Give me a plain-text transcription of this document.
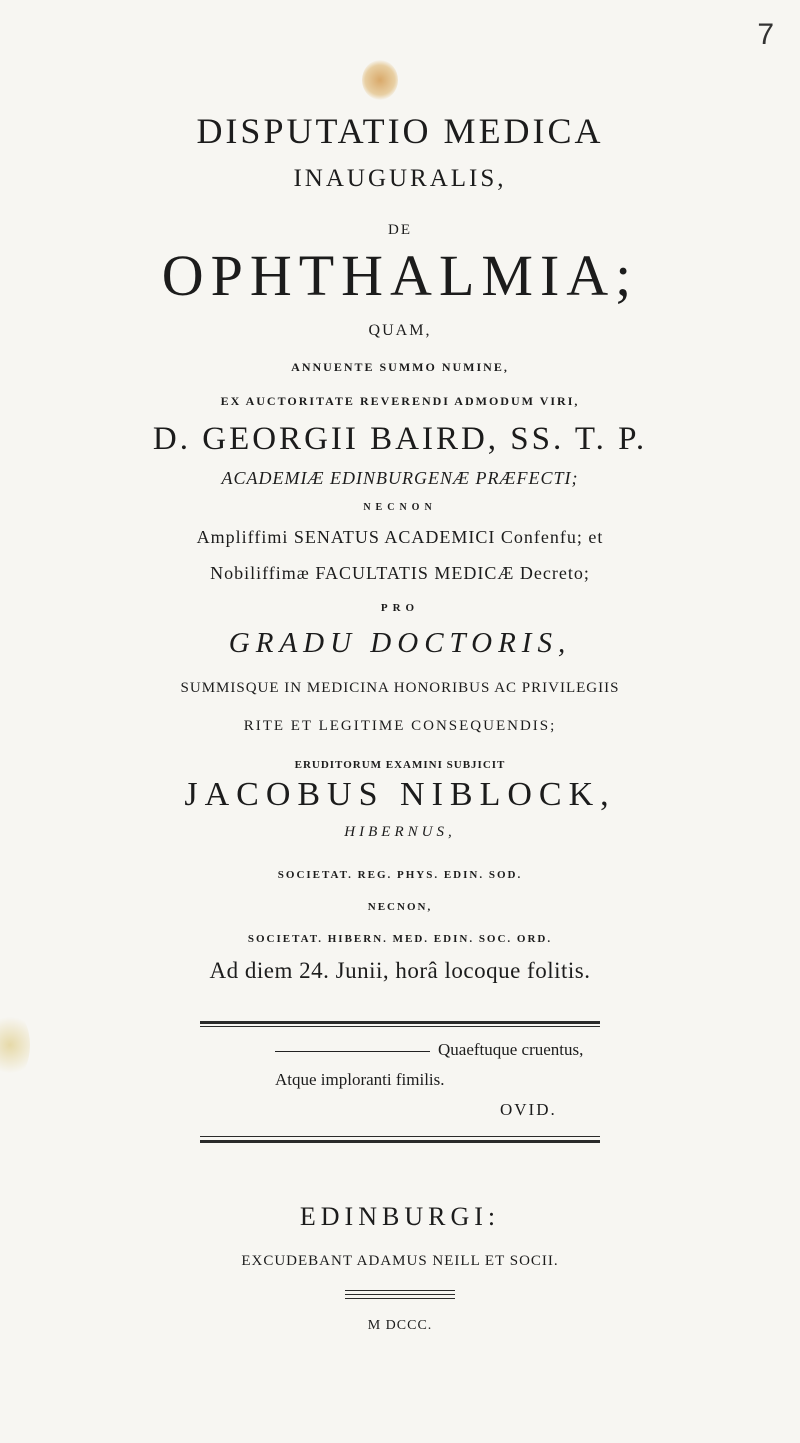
7
DISPUTATIO MEDICA
INAUGURALIS,
DE
OPHTHALMIA;
QUAM,
ANNUENTE SUMMO NUMINE,
EX AUCTORITATE REVERENDI ADMODUM VIRI,
D. GEORGII BAIRD, SS. T. P.
ACADEMIÆ EDINBURGENÆ PRÆFECTI;
NECNON
Ampliffimi SENATUS ACADEMICI Confenfu; et
Nobiliffimæ FACULTATIS MEDICÆ Decreto;
PRO
GRADU DOCTORIS,
SUMMISQUE IN MEDICINA HONORIBUS AC PRIVILEGIIS
RITE ET LEGITIME CONSEQUENDIS;
ERUDITORUM EXAMINI SUBJICIT
JACOBUS NIBLOCK,
HIBERNUS,
SOCIETAT. REG. PHYS. EDIN. SOD.
NECNON,
SOCIETAT. HIBERN. MED. EDIN. SOC. ORD.
Ad diem 24. Junii, horâ locoque folitis.
Quaeftuque cruentus,
Atque imploranti fimilis.
OVID.
EDINBURGI:
EXCUDEBANT ADAMUS NEILL ET SOCII.
M DCCC.
